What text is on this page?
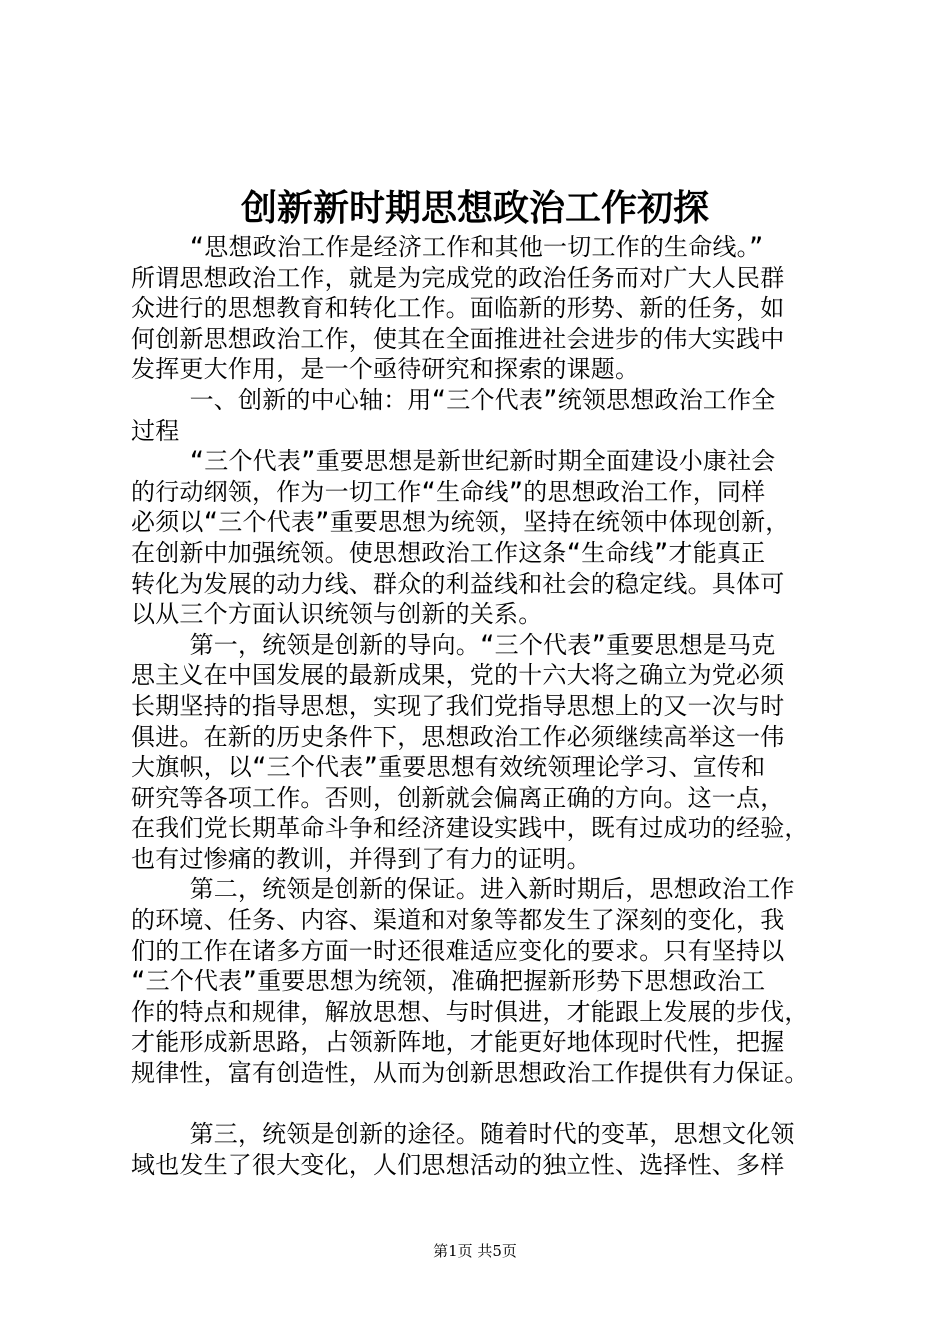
创新新时期思想政治工作初探
“思想政治工作是经济工作和其他一切工作的生命线。”
所谓思想政治工作，就是为完成党的政治任务而对广大人民群
众进行的思想教育和转化工作。面临新的形势、新的任务，如
何创新思想政治工作，使其在全面推进社会进步的伟大实践中
发挥更大作用，是一个亟待研究和探索的课题。
一、创新的中心轴：用“三个代表”统领思想政治工作全
过程
“三个代表”重要思想是新世纪新时期全面建设小康社会
的行动纲领，作为一切工作“生命线”的思想政治工作，同样
必须以“三个代表”重要思想为统领，坚持在统领中体现创新，
在创新中加强统领。使思想政治工作这条“生命线”才能真正
转化为发展的动力线、群众的利益线和社会的稳定线。具体可
以从三个方面认识统领与创新的关系。
第一，统领是创新的导向。“三个代表”重要思想是马克
思主义在中国发展的最新成果，党的十六大将之确立为党必须
长期坚持的指导思想，实现了我们党指导思想上的又一次与时
俱进。在新的历史条件下，思想政治工作必须继续高举这一伟
大旗帜，以“三个代表”重要思想有效统领理论学习、宣传和
研究等各项工作。否则，创新就会偏离正确的方向。这一点，
在我们党长期革命斗争和经济建设实践中，既有过成功的经验，
也有过惨痛的教训，并得到了有力的证明。
第二，统领是创新的保证。进入新时期后，思想政治工作
的环境、任务、内容、渠道和对象等都发生了深刻的变化，我
们的工作在诸多方面一时还很难适应变化的要求。只有坚持以
“三个代表”重要思想为统领，准确把握新形势下思想政治工
作的特点和规律，解放思想、与时俱进，才能跟上发展的步伐，
才能形成新思路，占领新阵地，才能更好地体现时代性，把握
规律性，富有创造性，从而为创新思想政治工作提供有力保证。
第三，统领是创新的途径。随着时代的变革，思想文化领
域也发生了很大变化，人们思想活动的独立性、选择性、多样
第1页 共5页
